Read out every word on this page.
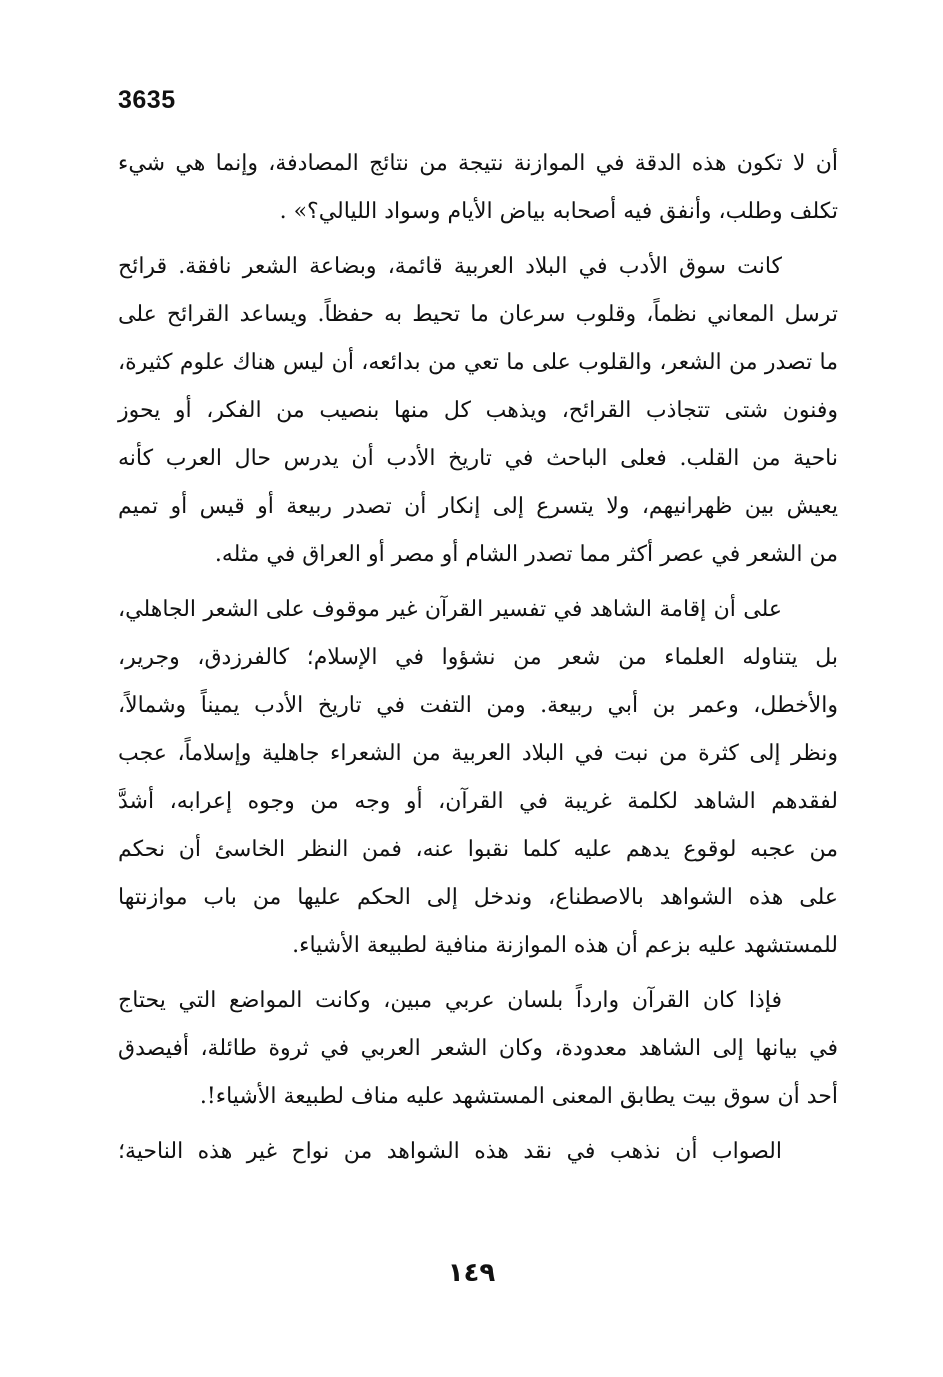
3635
أن لا تكون هذه الدقة في الموازنة نتيجة من نتائج المصادفة، وإنما هي شيء
تكلف وطلب، وأنفق فيه أصحابه بياض الأيام وسواد الليالي؟» .
كانت سوق الأدب في البلاد العربية قائمة، وبضاعة الشعر نافقة. قرائح
ترسل المعاني نظماً، وقلوب سرعان ما تحيط به حفظاً. ويساعد القرائح على
ما تصدر من الشعر، والقلوب على ما تعي من بدائعه، أن ليس هناك علوم كثيرة،
وفنون شتى تتجاذب القرائح، ويذهب كل منها بنصيب من الفكر، أو يحوز
ناحية من القلب. فعلى الباحث في تاريخ الأدب أن يدرس حال العرب كأنه
يعيش بين ظهرانيهم، ولا يتسرع إلى إنكار أن تصدر ربيعة أو قيس أو تميم
من الشعر في عصر أكثر مما تصدر الشام أو مصر أو العراق في مثله.
على أن إقامة الشاهد في تفسير القرآن غير موقوف على الشعر الجاهلي،
بل يتناوله العلماء من شعر من نشؤوا في الإسلام؛ كالفرزدق، وجرير،
والأخطل، وعمر بن أبي ربيعة. ومن التفت في تاريخ الأدب يميناً وشمالاً،
ونظر إلى كثرة من نبت في البلاد العربية من الشعراء جاهلية وإسلاماً، عجب
لفقدهم الشاهد لكلمة غريبة في القرآن، أو وجه من وجوه إعرابه، أشدَّ
من عجبه لوقوع يدهم عليه كلما نقبوا عنه، فمن النظر الخاسئ أن نحكم
على هذه الشواهد بالاصطناع، وندخل إلى الحكم عليها من باب موازنتها
للمستشهد عليه بزعم أن هذه الموازنة منافية لطبيعة الأشياء.
فإذا كان القرآن وارداً بلسان عربي مبين، وكانت المواضع التي يحتاج
في بيانها إلى الشاهد معدودة، وكان الشعر العربي في ثروة طائلة، أفيصدق
أحد أن سوق بيت يطابق المعنى المستشهد عليه مناف لطبيعة الأشياء!.
الصواب أن نذهب في نقد هذه الشواهد من نواح غير هذه الناحية؛
١٤٩
